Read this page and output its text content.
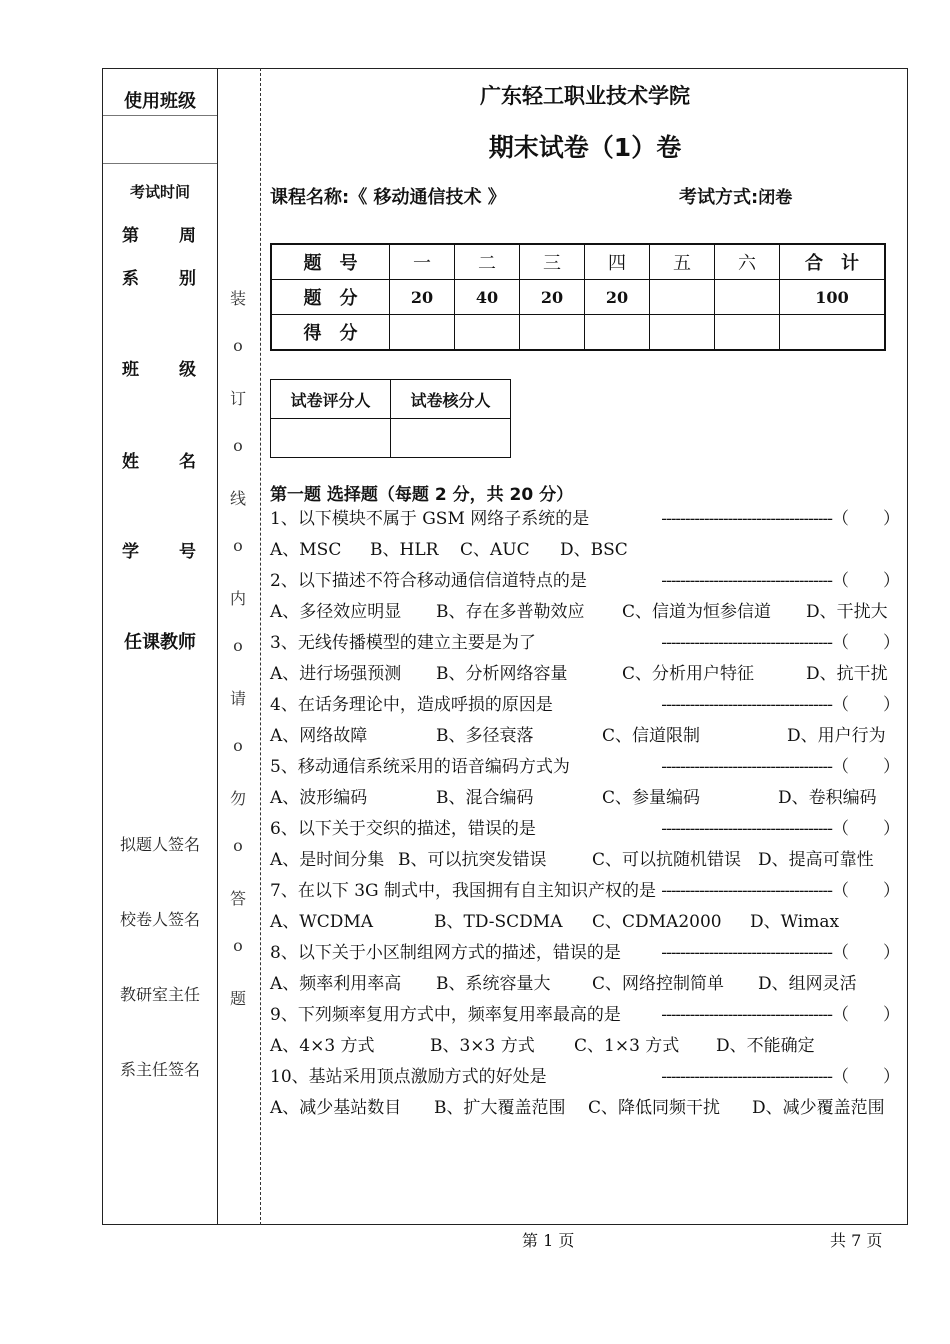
使用班级
考试时间
第 周
系 别
班 级
姓 名
学 号
任课教师
拟题人签名
校卷人签名
教研室主任
系主任签名
装
o
订
o
线
o
内
o
请
o
勿
o
答
o
题
广东轻工职业技术学院
期末试卷（1）卷
课程名称:《 移动通信技术 》	考试方式:闭卷
题　号	一	二	三	四	五	六	合　计
题　分	20	40	20	20			100
得　分							
试卷评分人	试卷核分人

第一题 选择题（每题 2 分，共 20 分）
1、以下模块不属于 GSM 网络子系统的是	------------------------------------ （　　）
A、MSC B、HLR C、AUC D、BSC
2、以下描述不符合移动通信信道特点的是	------------------------------------ （　　）
A、多径效应明显 B、存在多普勒效应 C、信道为恒参信道 D、干扰大
3、无线传播模型的建立主要是为了	------------------------------------ （　　）
A、进行场强预测 B、分析网络容量	C、分析用户特征	D、抗干扰
4、在话务理论中，造成呼损的原因是	------------------------------------ （　　）
A、网络故障	B、多径衰落	C、信道限制	D、用户行为
5、移动通信系统采用的语音编码方式为	------------------------------------ （　　）
A、波形编码	B、混合编码	C、参量编码	D、卷积编码
6、以下关于交织的描述，错误的是	------------------------------------ （　　）
A、是时间分集 B、可以抗突发错误	C、可以抗随机错误 D、提高可靠性
7、在以下 3G 制式中，我国拥有自主知识产权的是 ------------------------------------ （　　）
A、WCDMA	B、TD-SCDMA C、CDMA2000 D、Wimax
8、以下关于小区制组网方式的描述，错误的是 ------------------------------------ （　　）
A、频率利用率高 B、系统容量大 C、网络控制简单 D、组网灵活
9、下列频率复用方式中，频率复用率最高的是 ------------------------------------ （　　）
A、4×3 方式	B、3×3 方式 C、1×3 方式 D、不能确定
10、基站采用顶点激励方式的好处是	------------------------------------ （　　）
A、减少基站数目 B、扩大覆盖范围 C、降低同频干扰 D、减少覆盖范围
第 1 页	共 7 页
